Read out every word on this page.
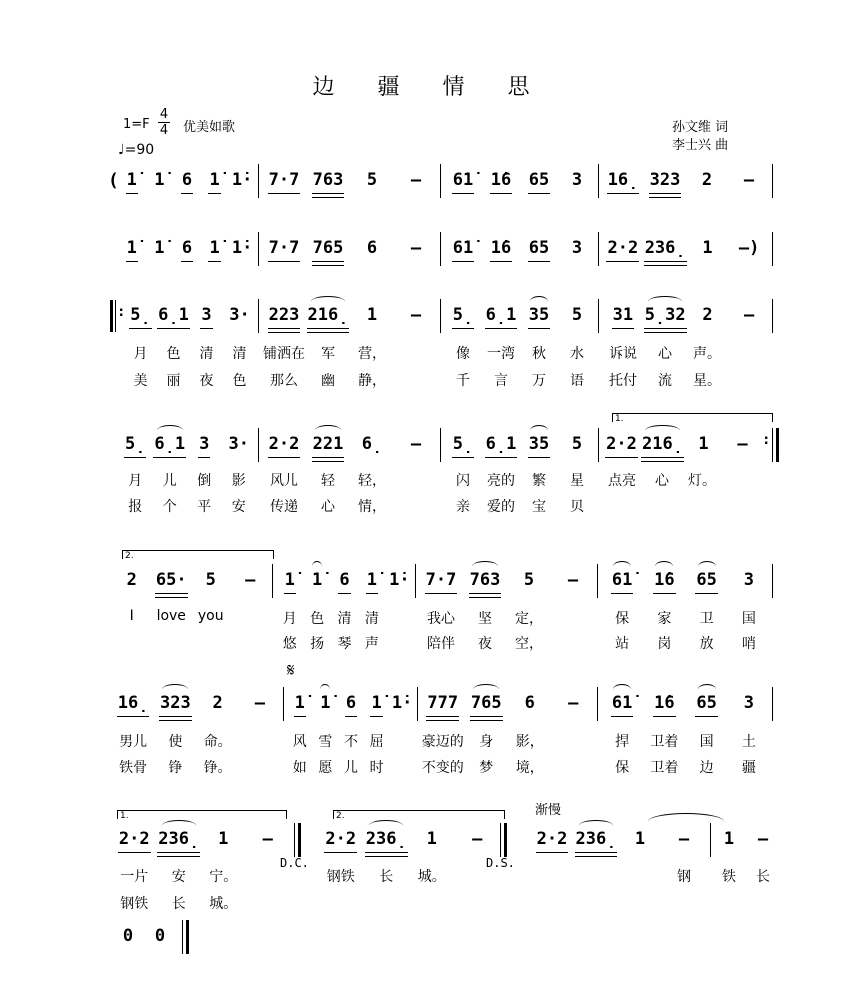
边 疆 情 思
1=F
4
4 优美如歌
♩=90
孙文维 词
李士兴 曲
(
:
:
1.
2.
1.	2.
𝄋
D.C.	D.S.
渐慢
1̇	1̇	6	1̇ 1̇· 7·7 763	5	–	61̇	1̇6	65	3	16̣ 323	2	–
1̇	1̇	6	1̇ 1̇· 7·7 765	6	–	61̇	1̇6	65	3	2·2 236̣ 1	–)
5̣ 6̣1 3	3·	223 216̣	1	–	5̣ 6̣1 35	5	31 5̣32 2	–
月	色	清	清	铺洒在	军	营，	像	一湾	秋	水	诉说	心	声。
美	丽	夜	色	那么	幽	静，	千	言	万	语	托付	流	星。
5̣ 6̣1 3	3·	2·2 221	6̣	–	5̣ 6̣1 35	5	2·2 216̣ 1	–
月	儿	倒	影	风儿	轻	轻，	闪	亮的	繁	星	点亮	心	灯。
报	个	平	安	传递	心	情，	亲	爱的	宝	贝
2	65·	5	–	1̇	1̇	6	1̇ 1̇· 7·7 763	5	–	61̇	1̇6	65	3
I	love you	月 色 清 清	我心	坚	定，	保	家	卫	国
悠 扬 琴 声	陪伴	夜	空，	站	岗	放	哨
16̣ 323	2	–	1̇ 1̇ 6 1̇ 1̇· 777 765	6	–	61̇	1̇6	65	3
男儿	使	命。	风 雪 不 屈	豪迈的	身	影，	捍	卫着	国	土
铁骨	铮	铮。	如 愿 儿 时	不变的	梦	境，	保	卫着	边	疆
2·2 236̣	1	–	2·2 236̣	1	–	2·2 236̣	1	–	1	–
一片	安	宁。	钢铁	长	城。	钢	铁	长
钢铁	长	城。
0	0
